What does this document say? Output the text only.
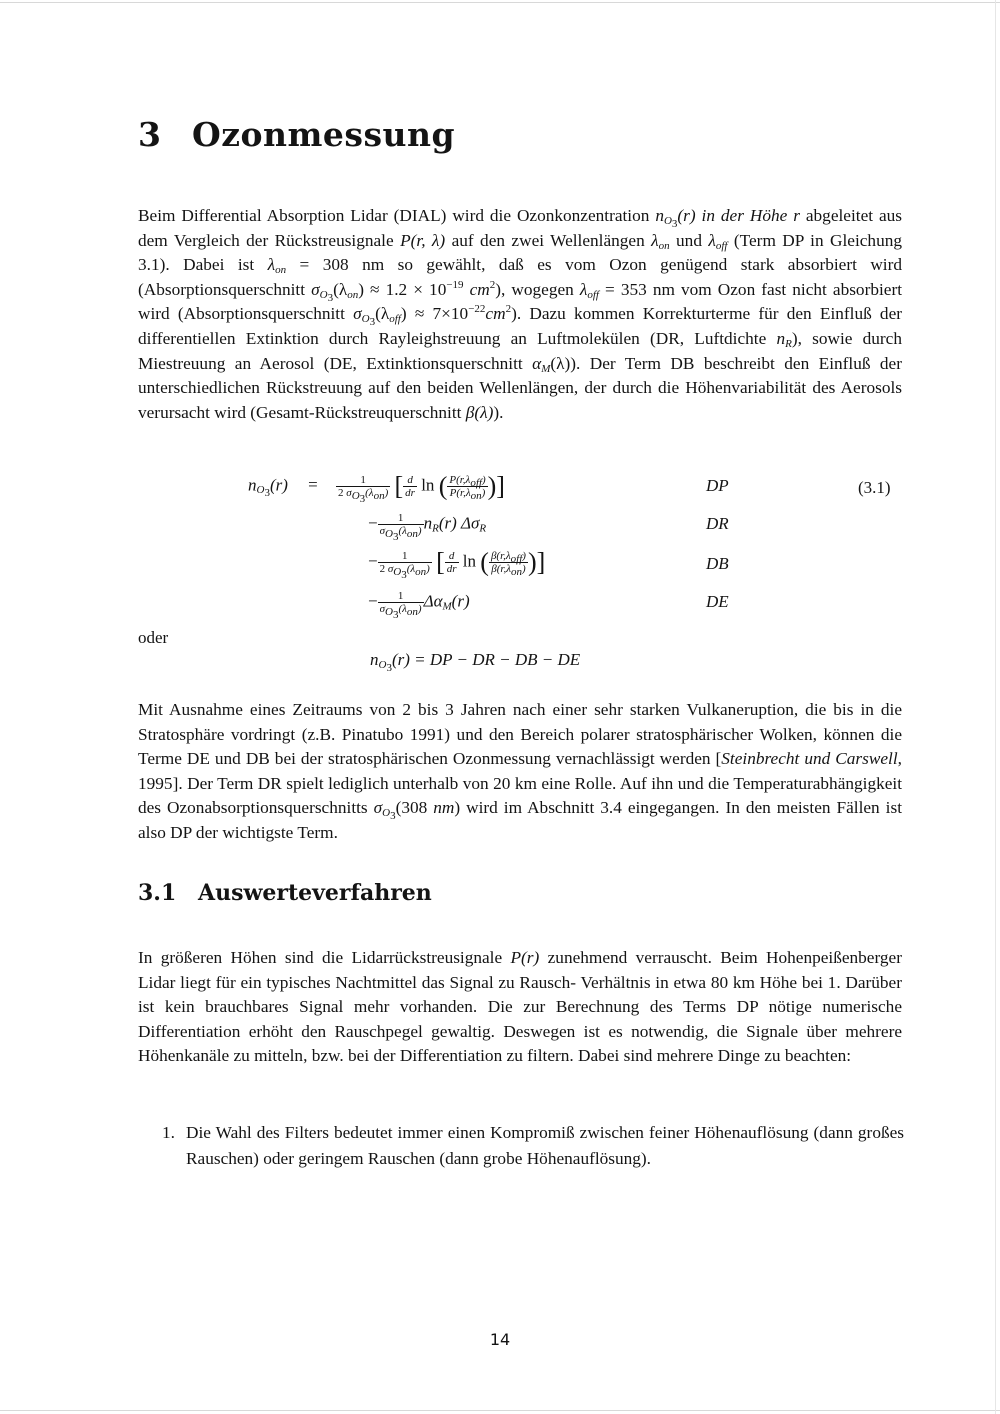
3 Ozonmessung
Beim Differential Absorption Lidar (DIAL) wird die Ozonkonzentration $n_{O_3}(r)$ in der Höhe r abgeleitet aus dem Vergleich der Rückstreusignale P(r, λ) auf den zwei Wellenlängen $\lambda_{on}$ und $\lambda_{off}$ (Term DP in Gleichung 3.1). Dabei ist $\lambda_{on} = 308$ nm so gewählt, daß es vom Ozon genügend stark absorbiert wird (Absorptionsquerschnitt $\sigma_{O_3}(\lambda_{on}) \approx 1.2 \times 10^{-19}$ $cm^2$), wogegen $\lambda_{off} = 353$ nm vom Ozon fast nicht absorbiert wird (Absorptionsquerschnitt $\sigma_{O_3}(\lambda_{off}) \approx 7\times 10^{-22}cm^2$). Dazu kommen Korrekturterme für den Einfluß der differentiellen Extinktion durch Rayleighstreuung an Luftmolekülen (DR, Luftdichte $n_R$), sowie durch Miestreuung an Aerosol (DE, Extinktionsquerschnitt $\alpha_M(\lambda)$). Der Term DB beschreibt den Einfluß der unterschiedlichen Rückstreuung auf den beiden Wellenlängen, der durch die Höhenvariabilität des Aerosols verursacht wird (Gesamt-Rückstreuquerschnitt β(λ)).
$n_{O_3}(r) = \frac{1}{2 \sigma_{O_3}(\lambda_{on})}$ [ $\frac{d}{dr}$ ln ( $\frac{P(r,\lambda_{off})}{P(r,\lambda_{on})}$ )]	DP	(3.1)
− $\frac{1}{\sigma_{O_3}(\lambda_{on})} n_R(r)$ $\Delta\sigma_R$	DR
− $\frac{1}{2 \sigma_{O_3}(\lambda_{on})}$ [ $\frac{d}{dr}$ ln ( $\frac{\beta(r,\lambda_{off})}{\beta(r,\lambda_{on})}$ )]	DB
− $\frac{1}{\sigma_{O_3}(\lambda_{on})} \Delta\alpha_M(r)$	DE
oder
$n_{O_3}(r)$ = DP − DR − DB − DE
Mit Ausnahme eines Zeitraums von 2 bis 3 Jahren nach einer sehr starken Vulkaneruption, die bis in die Stratosphäre vordringt (z.B. Pinatubo 1991) und den Bereich polarer stratosphärischer Wolken, können die Terme DE und DB bei der stratosphärischen Ozonmessung vernachlässigt werden [Steinbrecht und Carswell, 1995]. Der Term DR spielt lediglich unterhalb von 20 km eine Rolle. Auf ihn und die Temperaturabhängigkeit des Ozonabsorptionsquerschnitts $\sigma_{O_3}(308$ nm) wird im Abschnitt 3.4 eingegangen. In den meisten Fällen ist also DP der wichtigste Term.
3.1 Auswerteverfahren
In größeren Höhen sind die Lidarrückstreusignale P(r) zunehmend verrauscht. Beim Hohenpeißenberger Lidar liegt für ein typisches Nachtmittel das Signal zu Rausch- Verhältnis in etwa 80 km Höhe bei 1. Darüber ist kein brauchbares Signal mehr vorhanden. Die zur Berechnung des Terms DP nötige numerische Differentiation erhöht den Rauschpegel gewaltig. Deswegen ist es notwendig, die Signale über mehrere Höhenkanäle zu mitteln, bzw. bei der Differentiation zu filtern. Dabei sind mehrere Dinge zu beachten:
1. Die Wahl des Filters bedeutet immer einen Kompromiß zwischen feiner Höhenauflösung (dann großes Rauschen) oder geringem Rauschen (dann grobe Höhenauflösung).
14
